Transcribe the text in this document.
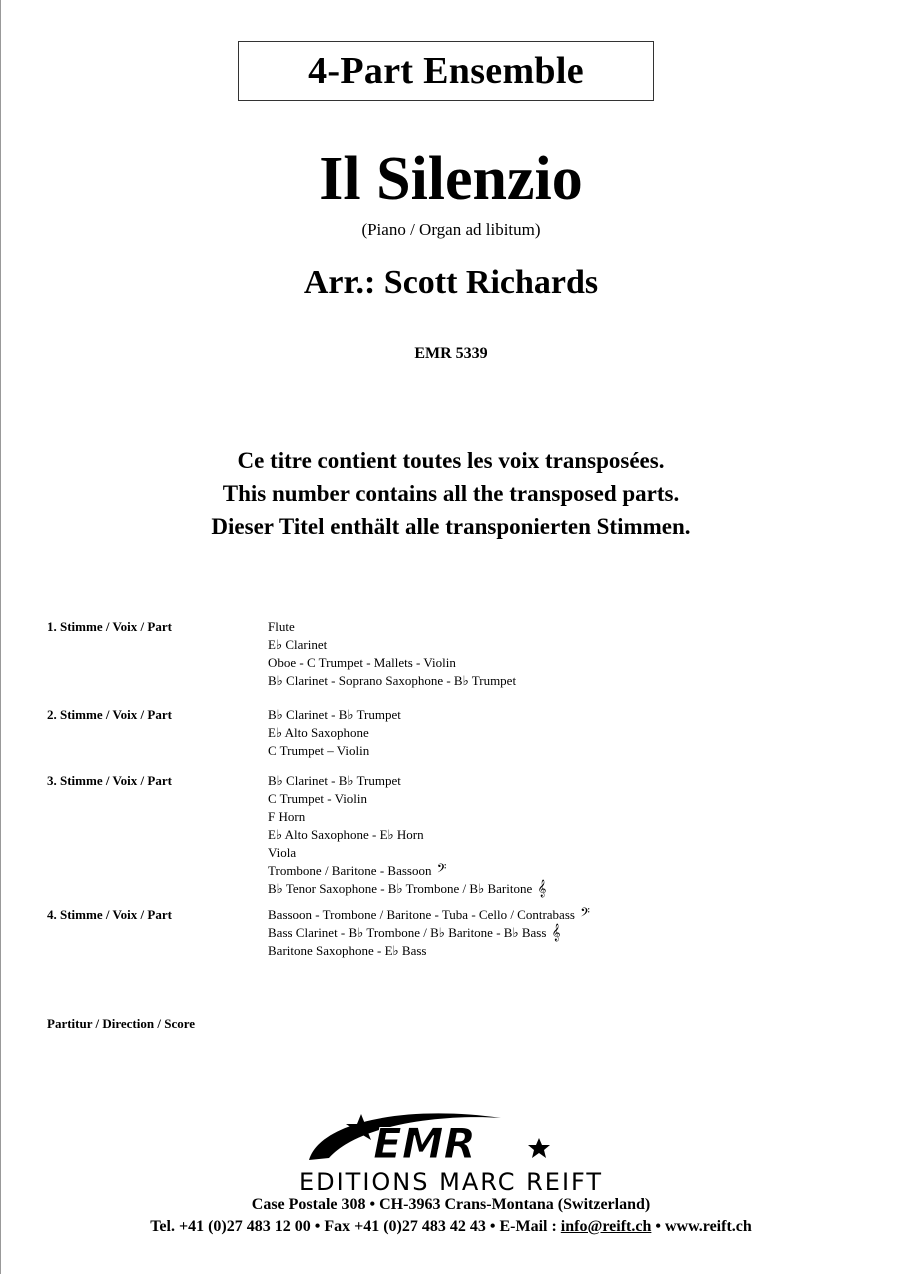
4-Part Ensemble
Il Silenzio
(Piano / Organ ad libitum)
Arr.: Scott Richards
EMR 5339
Ce titre contient toutes les voix transposées.
This number contains all the transposed parts.
Dieser Titel enthält alle transponierten Stimmen.
1. Stimme / Voix / Part	Flute
E♭ Clarinet
Oboe - C Trumpet - Mallets - Violin
B♭ Clarinet - Soprano Saxophone - B♭ Trumpet
2. Stimme / Voix / Part	B♭ Clarinet - B♭ Trumpet
E♭ Alto Saxophone
C Trumpet – Violin
3. Stimme / Voix / Part	B♭ Clarinet - B♭ Trumpet
C Trumpet - Violin
F Horn
E♭ Alto Saxophone - E♭ Horn
Viola
Trombone / Baritone - Bassoon 𝄢
B♭ Tenor Saxophone - B♭ Trombone / B♭ Baritone 𝄞
4. Stimme / Voix / Part	Bassoon - Trombone / Baritone - Tuba - Cello / Contrabass 𝄢
Bass Clarinet - B♭ Trombone / B♭ Baritone - B♭ Bass 𝄞
Baritone Saxophone - E♭ Bass
Partitur / Direction / Score
EMR
EDITIONS MARC REIFT
Case Postale 308 • CH-3963 Crans-Montana (Switzerland)
Tel. +41 (0)27 483 12 00 • Fax +41 (0)27 483 42 43 • E-Mail : info@reift.ch • www.reift.ch
